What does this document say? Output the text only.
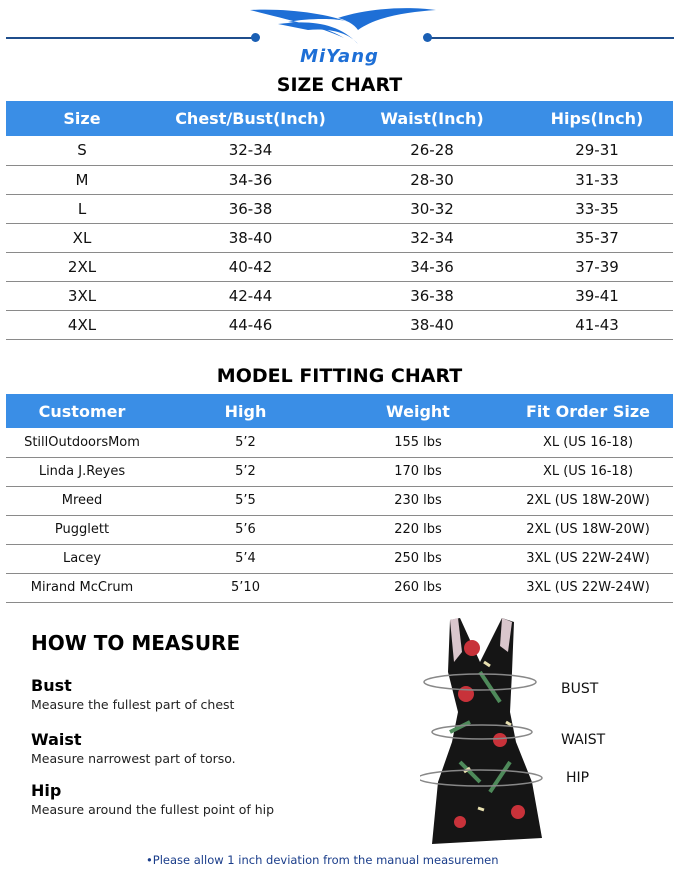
MiYang
SIZE CHART
Size	Chest/Bust(Inch)	Waist(Inch)	Hips(Inch)
S	32-34	26-28	29-31
M	34-36	28-30	31-33
L	36-38	30-32	33-35
XL	38-40	32-34	35-37
2XL	40-42	34-36	37-39
3XL	42-44	36-38	39-41
4XL	44-46	38-40	41-43
MODEL FITTING CHART
Customer	High	Weight	Fit Order Size
StillOutdoorsMom	5’2	155 lbs	XL (US 16-18)
Linda J.Reyes	5’2	170 lbs	XL (US 16-18)
Mreed	5’5	230 lbs	2XL (US 18W-20W)
Pugglett	5’6	220 lbs	2XL (US 18W-20W)
Lacey	5’4	250 lbs	3XL (US 22W-24W)
Mirand McCrum	5’10	260 lbs	3XL (US 22W-24W)
HOW TO MEASURE
Bust
Measure the fullest part of chest
Waist
Measure narrowest part of torso.
Hip
Measure around the fullest point of hip
BUST
WAIST
HIP
•Please allow 1 inch deviation from the manual measuremen
